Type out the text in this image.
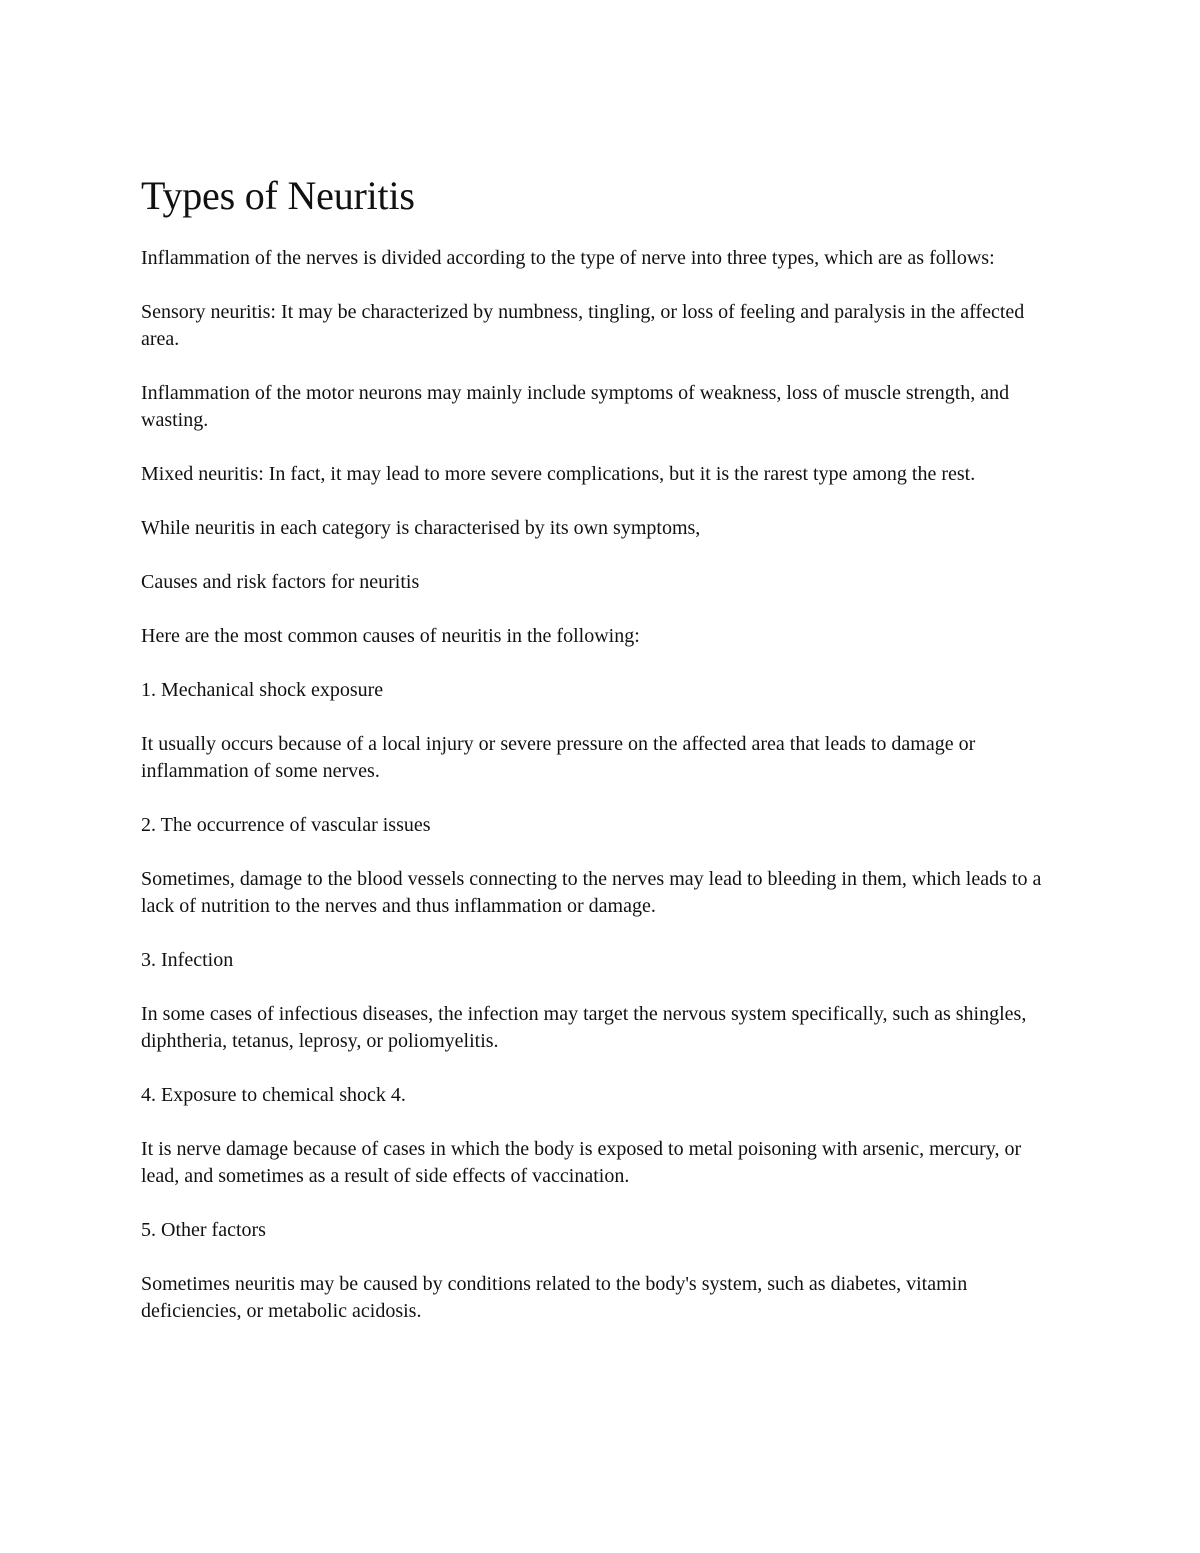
Types of Neuritis

Inflammation of the nerves is divided according to the type of nerve into three types, which are as follows:

Sensory neuritis: It may be characterized by numbness, tingling, or loss of feeling and paralysis in the affected area.

Inflammation of the motor neurons may mainly include symptoms of weakness, loss of muscle strength, and wasting.

Mixed neuritis: In fact, it may lead to more severe complications, but it is the rarest type among the rest.

While neuritis in each category is characterised by its own symptoms,

Causes and risk factors for neuritis

Here are the most common causes of neuritis in the following:

1. Mechanical shock exposure

It usually occurs because of a local injury or severe pressure on the affected area that leads to damage or inflammation of some nerves.

2. The occurrence of vascular issues

Sometimes, damage to the blood vessels connecting to the nerves may lead to bleeding in them, which leads to a lack of nutrition to the nerves and thus inflammation or damage.

3. Infection

In some cases of infectious diseases, the infection may target the nervous system specifically, such as shingles, diphtheria, tetanus, leprosy, or poliomyelitis.

4. Exposure to chemical shock 4.

It is nerve damage because of cases in which the body is exposed to metal poisoning with arsenic, mercury, or lead, and sometimes as a result of side effects of vaccination.

5. Other factors

Sometimes neuritis may be caused by conditions related to the body's system, such as diabetes, vitamin deficiencies, or metabolic acidosis.
